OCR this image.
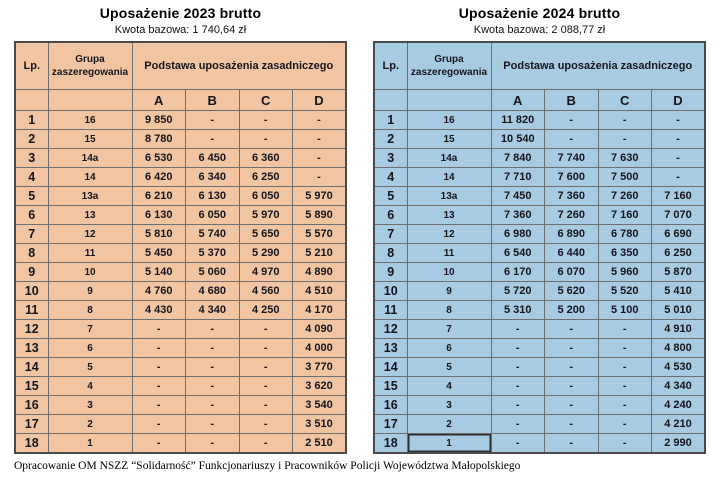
Uposażenie 2023 brutto
Kwota bazowa: 1 740,64 zł
Lp.	Grupa zaszeregowania	Podstawa uposażenia zasadniczego			
		A	B	C	D
1	16	9 850	-	-	-
2	15	8 780	-	-	-
3	14a	6 530	6 450	6 360	-
4	14	6 420	6 340	6 250	-
5	13a	6 210	6 130	6 050	5 970
6	13	6 130	6 050	5 970	5 890
7	12	5 810	5 740	5 650	5 570
8	11	5 450	5 370	5 290	5 210
9	10	5 140	5 060	4 970	4 890
10	9	4 760	4 680	4 560	4 510
11	8	4 430	4 340	4 250	4 170
12	7	-	-	-	4 090
13	6	-	-	-	4 000
14	5	-	-	-	3 770
15	4	-	-	-	3 620
16	3	-	-	-	3 540
17	2	-	-	-	3 510
18	1	-	-	-	2 510
Uposażenie 2024 brutto
Kwota bazowa: 2 088,77 zł
Lp.	Grupa zaszeregowania	Podstawa uposażenia zasadniczego			
		A	B	C	D
1	16	11 820	-	-	-
2	15	10 540	-	-	-
3	14a	7 840	7 740	7 630	-
4	14	7 710	7 600	7 500	-
5	13a	7 450	7 360	7 260	7 160
6	13	7 360	7 260	7 160	7 070
7	12	6 980	6 890	6 780	6 690
8	11	6 540	6 440	6 350	6 250
9	10	6 170	6 070	5 960	5 870
10	9	5 720	5 620	5 520	5 410
11	8	5 310	5 200	5 100	5 010
12	7	-	-	-	4 910
13	6	-	-	-	4 800
14	5	-	-	-	4 530
15	4	-	-	-	4 340
16	3	-	-	-	4 240
17	2	-	-	-	4 210
18	1	-	-	-	2 990
Opracowanie OM NSZZ “Solidarność” Funkcjonariuszy i Pracowników Policji Województwa Małopolskiego
